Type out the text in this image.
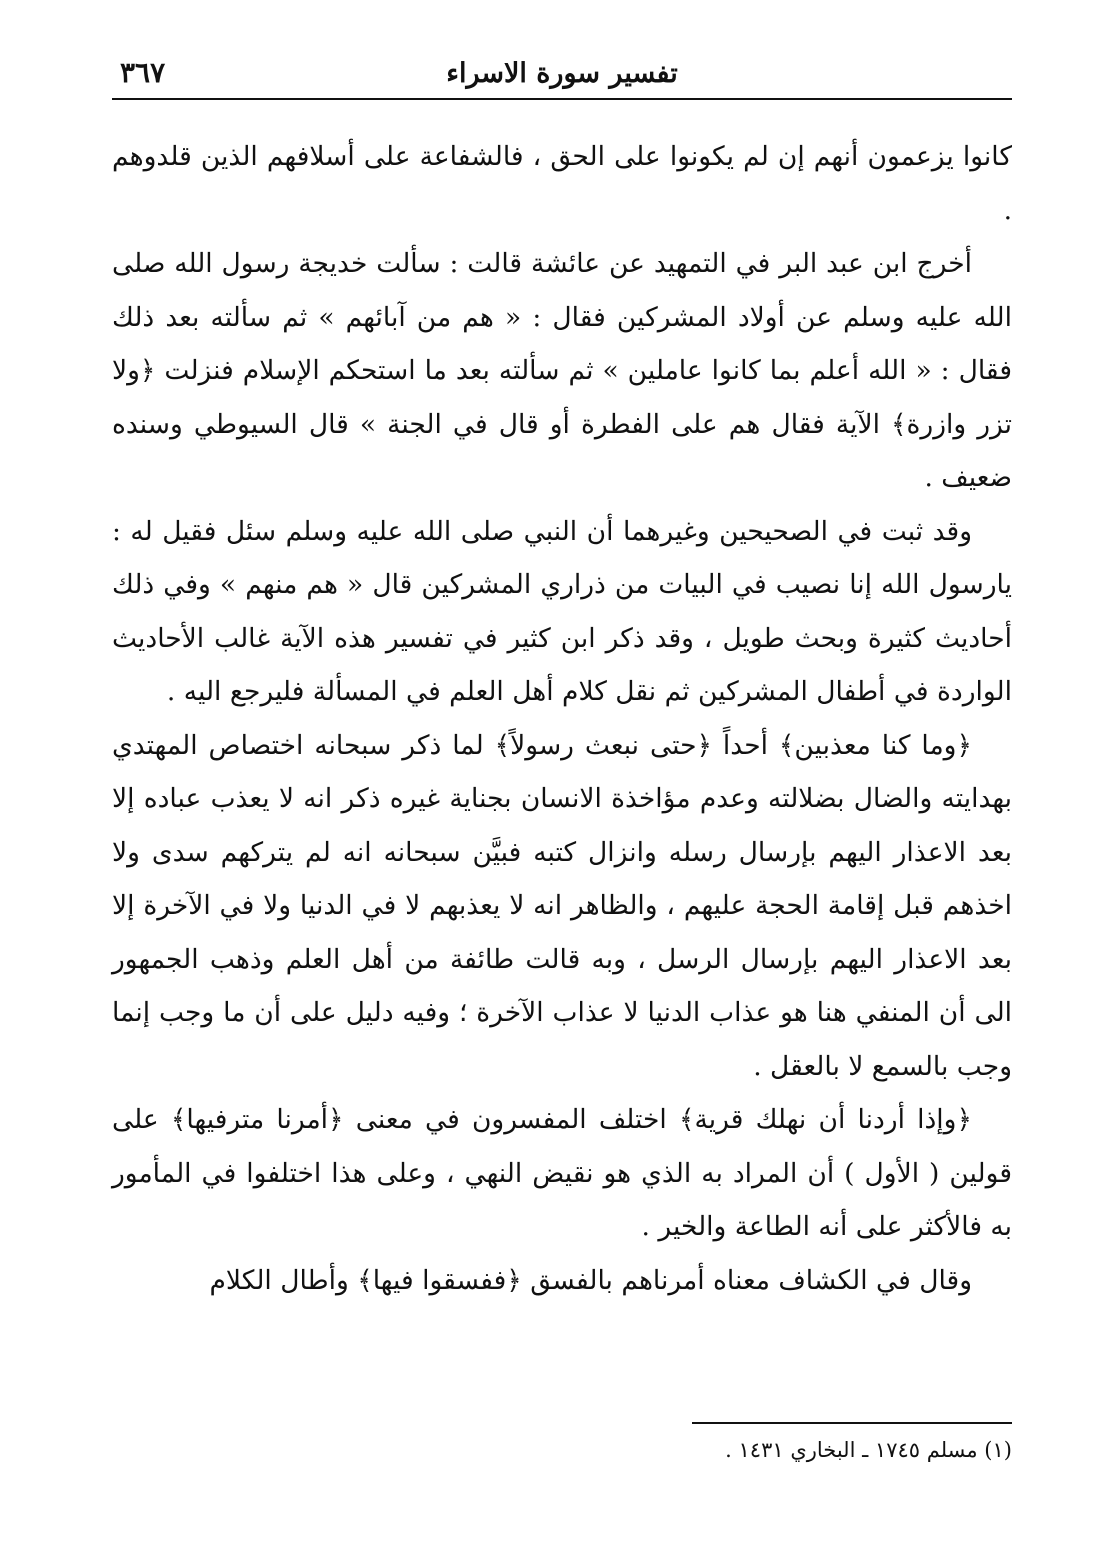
تفسير سورة الاسراء
٣٦٧

كانوا يزعمون أنهم إن لم يكونوا على الحق ، فالشفاعة على أسلافهم الذين قلدوهم .

أخرج ابن عبد البر في التمهيد عن عائشة قالت : سألت خديجة رسول الله صلى الله عليه وسلم عن أولاد المشركين فقال : « هم من آبائهم » ثم سألته بعد ذلك فقال : « الله أعلم بما كانوا عاملين » ثم سألته بعد ما استحكم الإسلام فنزلت ﴿ولا تزر وازرة﴾ الآية فقال هم على الفطرة أو قال في الجنة » قال السيوطي وسنده ضعيف .

وقد ثبت في الصحيحين وغيرهما أن النبي صلى الله عليه وسلم سئل فقيل له : يارسول الله إنا نصيب في البيات من ذراري المشركين قال « هم منهم » وفي ذلك أحاديث كثيرة وبحث طويل ، وقد ذكر ابن كثير في تفسير هذه الآية غالب الأحاديث الواردة في أطفال المشركين ثم نقل كلام أهل العلم في المسألة فليرجع اليه .

﴿وما كنا معذبين﴾ أحداً ﴿حتى نبعث رسولاً﴾ لما ذكر سبحانه اختصاص المهتدي بهدايته والضال بضلالته وعدم مؤاخذة الانسان بجناية غيره ذكر انه لا يعذب عباده إلا بعد الاعذار اليهم بإرسال رسله وانزال كتبه فبيَّن سبحانه انه لم يتركهم سدى ولا اخذهم قبل إقامة الحجة عليهم ، والظاهر انه لا يعذبهم لا في الدنيا ولا في الآخرة إلا بعد الاعذار اليهم بإرسال الرسل ، وبه قالت طائفة من أهل العلم وذهب الجمهور الى أن المنفي هنا هو عذاب الدنيا لا عذاب الآخرة ؛ وفيه دليل على أن ما وجب إنما وجب بالسمع لا بالعقل .

﴿وإذا أردنا أن نهلك قرية﴾ اختلف المفسرون في معنى ﴿أمرنا مترفيها﴾ على قولين ( الأول ) أن المراد به الذي هو نقيض النهي ، وعلى هذا اختلفوا في المأمور به فالأكثر على أنه الطاعة والخير .

وقال في الكشاف معناه أمرناهم بالفسق ﴿ففسقوا فيها﴾ وأطال الكلام

(١) مسلم ١٧٤٥ ـ البخاري ١٤٣١ .
